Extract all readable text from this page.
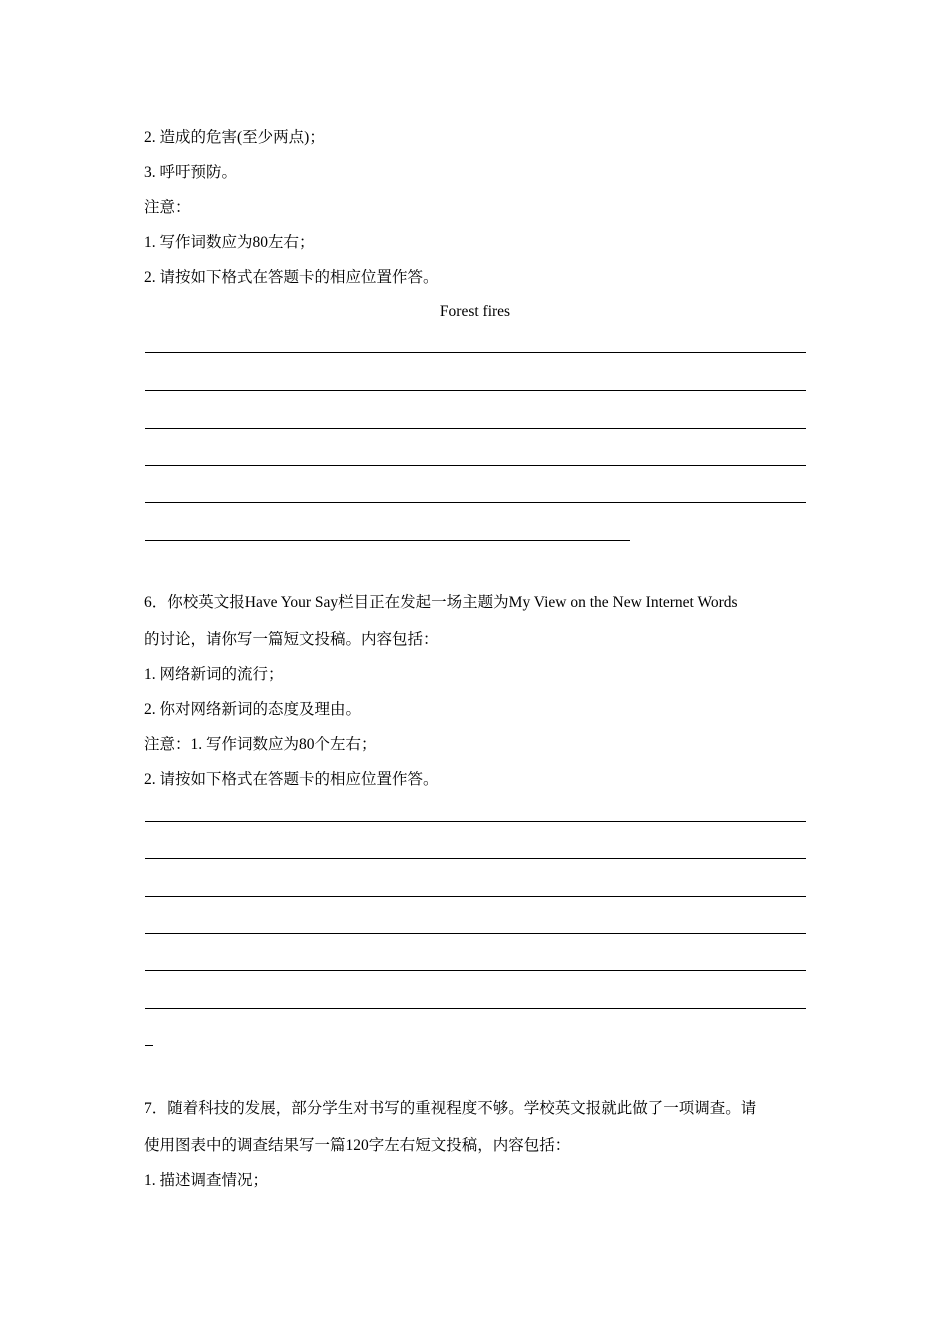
2. 造成的危害(至少两点)；
3. 呼吁预防。
注意：
1. 写作词数应为80左右；
2. 请按如下格式在答题卡的相应位置作答。
Forest fires
6．你校英文报Have Your Say栏目正在发起一场主题为My View on the New Internet Words
的讨论，请你写一篇短文投稿。内容包括：
1. 网络新词的流行；
2. 你对网络新词的态度及理由。
注意：1. 写作词数应为80个左右；
2. 请按如下格式在答题卡的相应位置作答。
7．随着科技的发展，部分学生对书写的重视程度不够。学校英文报就此做了一项调查。请
使用图表中的调查结果写一篇120字左右短文投稿，内容包括：
1. 描述调查情况；
